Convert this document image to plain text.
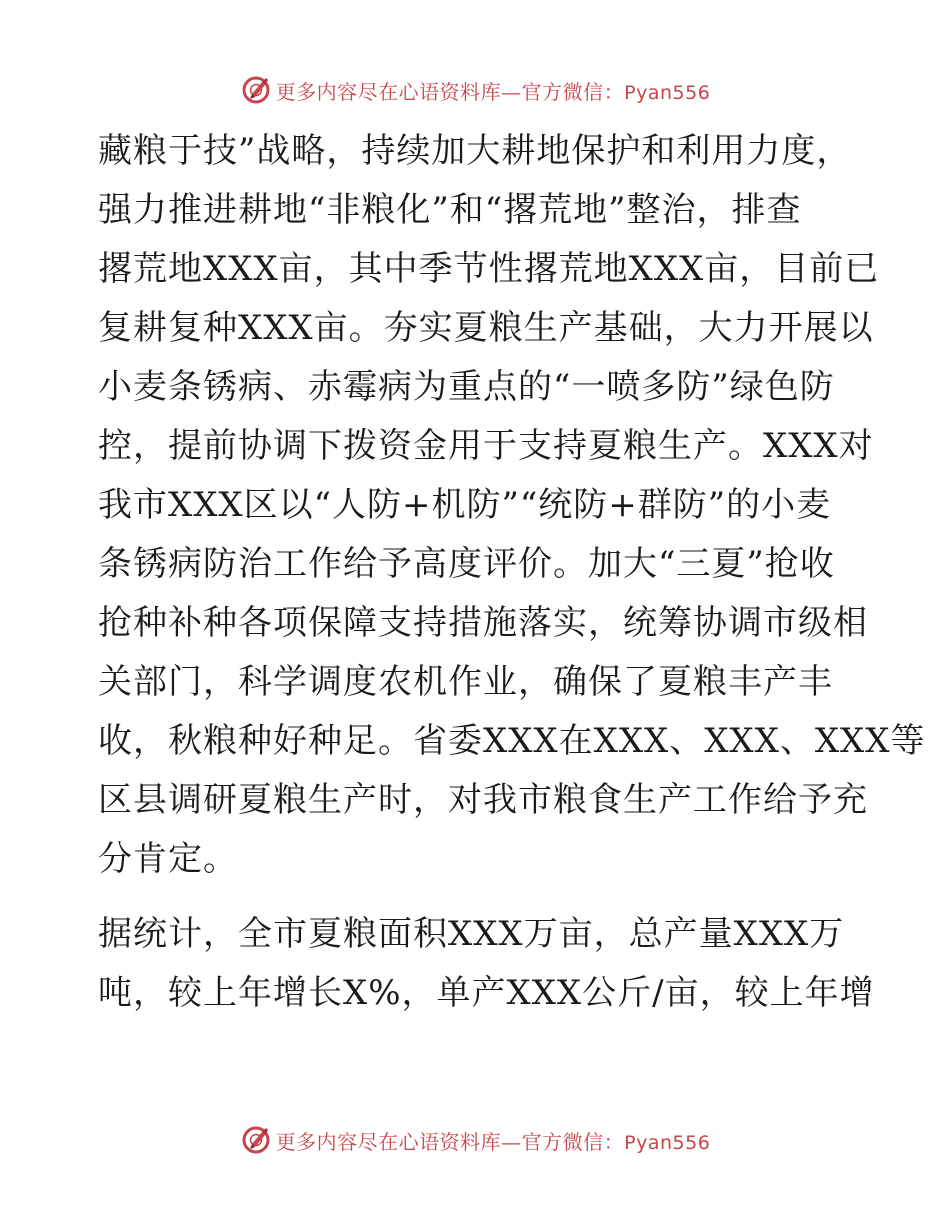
更多内容尽在心语资料库—官方微信：Pyan556

藏粮于技”战略，持续加大耕地保护和利用力度，
强力推进耕地“非粮化”和“撂荒地”整治，排查
撂荒地XXX亩，其中季节性撂荒地XXX亩，目前已
复耕复种XXX亩。夯实夏粮生产基础，大力开展以
小麦条锈病、赤霉病为重点的“一喷多防”绿色防
控，提前协调下拨资金用于支持夏粮生产。XXX对
我市XXX区以“人防+机防”“统防+群防”的小麦
条锈病防治工作给予高度评价。加大“三夏”抢收
抢种补种各项保障支持措施落实，统筹协调市级相
关部门，科学调度农机作业，确保了夏粮丰产丰
收，秋粮种好种足。省委XXX在XXX、XXX、XXX等
区县调研夏粮生产时，对我市粮食生产工作给予充
分肯定。

据统计，全市夏粮面积XXX万亩，总产量XXX万
吨，较上年增长X%，单产XXX公斤/亩，较上年增

更多内容尽在心语资料库—官方微信：Pyan556
